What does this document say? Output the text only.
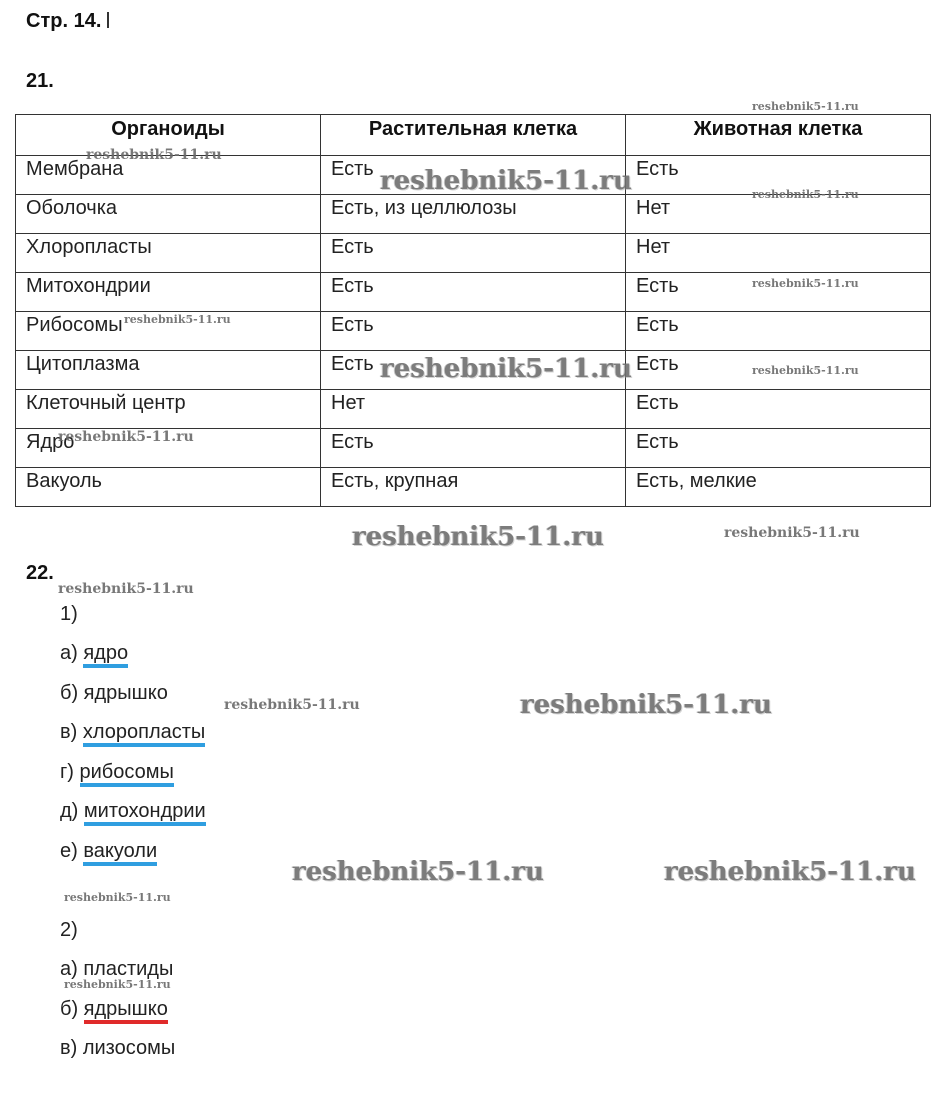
Стр. 14.
21.
Органоиды	Растительная клетка	Животная клетка
Мембрана	Есть	Есть
Оболочка	Есть, из целлюлозы	Нет
Хлоропласты	Есть	Нет
Митохондрии	Есть	Есть
Рибосомы	Есть	Есть
Цитоплазма	Есть	Есть
Клеточный центр	Нет	Есть
Ядро	Есть	Есть
Вакуоль	Есть, крупная	Есть, мелкие
22.
1)
а) ядро
б) ядрышко
в) хлоропласты
г) рибосомы
д) митохондрии
е) вакуоли
2)
а) пластиды
б) ядрышко
в) лизосомы
reshebnik5-11.ru
reshebnik5-11.ru
reshebnik5-11.ru	reshebnik5-11.ru
reshebnik5-11.ru
reshebnik5-11.ru
reshebnik5-11.ru	reshebnik5-11.ru
reshebnik5-11.ru
reshebnik5-11.ru	reshebnik5-11.ru
reshebnik5-11.ru
reshebnik5-11.ru	reshebnik5-11.ru
reshebnik5-11.ru	reshebnik5-11.ru
reshebnik5-11.ru
reshebnik5-11.ru
